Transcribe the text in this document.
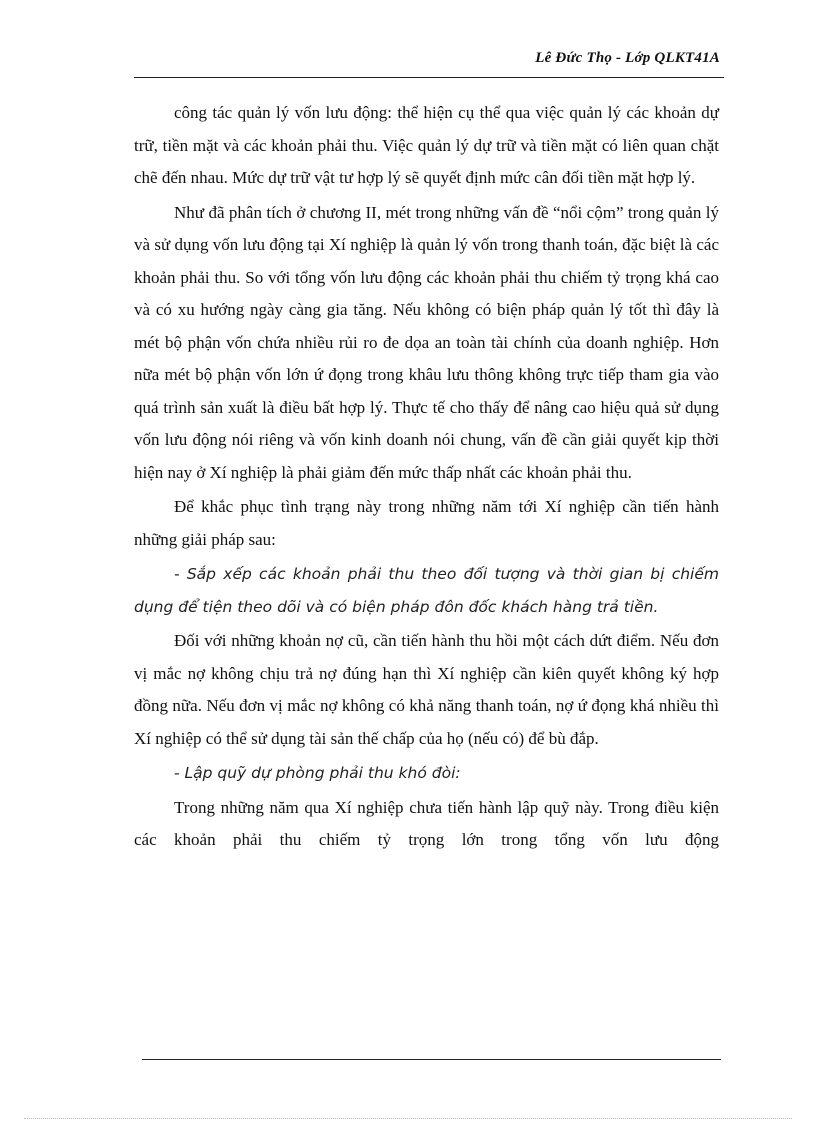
Lê Đức Thọ - Lớp QLKT41A

công tác quản lý vốn lưu động: thể hiện cụ thể qua việc quản lý các khoản dự trữ, tiền mặt và các khoản phải thu. Việc quản lý dự trữ và tiền mặt có liên quan chặt chẽ đến nhau. Mức dự trữ vật tư hợp lý sẽ quyết định mức cân đối tiền mặt hợp lý.

Như đã phân tích ở chương II, mét trong những vấn đề “nổi cộm” trong quản lý và sử dụng vốn lưu động tại Xí nghiệp là quản lý vốn trong thanh toán, đặc biệt là các khoản phải thu. So với tổng vốn lưu động các khoản phải thu chiếm tỷ trọng khá cao và có xu hướng ngày càng gia tăng. Nếu không có biện pháp quản lý tốt thì đây là mét bộ phận vốn chứa nhiều rủi ro đe dọa an toàn tài chính của doanh nghiệp. Hơn nữa mét bộ phận vốn lớn ứ đọng trong khâu lưu thông không trực tiếp tham gia vào quá trình sản xuất là điều bất hợp lý. Thực tế cho thấy để nâng cao hiệu quả sử dụng vốn lưu động nói riêng và vốn kinh doanh nói chung, vấn đề cần giải quyết kịp thời hiện nay ở Xí nghiệp là phải giảm đến mức thấp nhất các khoản phải thu.

Để khắc phục tình trạng này trong những năm tới Xí nghiệp cần tiến hành những giải pháp sau:

- Sắp xếp các khoản phải thu theo đối tượng và thời gian bị chiếm dụng để tiện theo dõi và có biện pháp đôn đốc khách hàng trả tiền.

Đối với những khoản nợ cũ, cần tiến hành thu hồi một cách dứt điểm. Nếu đơn vị mắc nợ không chịu trả nợ đúng hạn thì Xí nghiệp cần kiên quyết không ký hợp đồng nữa. Nếu đơn vị mắc nợ không có khả năng thanh toán, nợ ứ đọng khá nhiều thì Xí nghiệp có thể sử dụng tài sản thế chấp của họ (nếu có) để bù đắp.

- Lập quỹ dự phòng phải thu khó đòi:

Trong những năm qua Xí nghiệp chưa tiến hành lập quỹ này. Trong điều kiện các khoản phải thu chiếm tỷ trọng lớn trong tổng vốn lưu động
